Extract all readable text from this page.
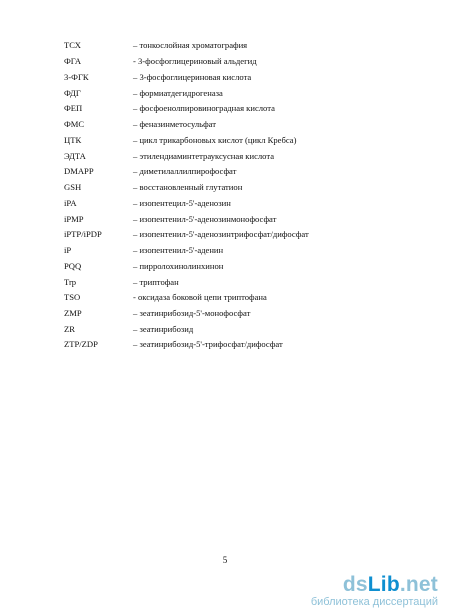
ТСХ	– тонкослойная хроматография
ФГА	- 3-фосфоглицериновый альдегид
3-ФГК	– 3-фосфоглицериновая кислота
ФДГ	– формиатдегидрогеназа
ФЕП	– фосфоенолпировиноградная кислота
ФМС	– феназинметосульфат
ЦТК	– цикл трикарбоновых кислот (цикл Кребса)
ЭДТА	– этилендиаминтетрауксусная кислота
DMAPP	– диметилаллилпирофосфат
GSH	– восстановленный глутатион
iPA	– изопентецил-5'-аденозин
iPMP	– изопентенил-5'-аденозинмонофосфат
iPTP/iPDP	– изопентенил-5'-аденозинтрифосфат/дифосфат
iP	– изопентенил-5'-аденин
PQQ	– пирролохинолинхинон
Trp	– триптофан
TSO	- оксидаза боковой цепи триптофана
ZMP	– зеатинрибозид-5'-монофосфат
ZR	– зеатинрибозид
ZTP/ZDP	– зеатинрибозид-5'-трифосфат/дифосфат
5
dsLib.net
библиотека диссертаций
